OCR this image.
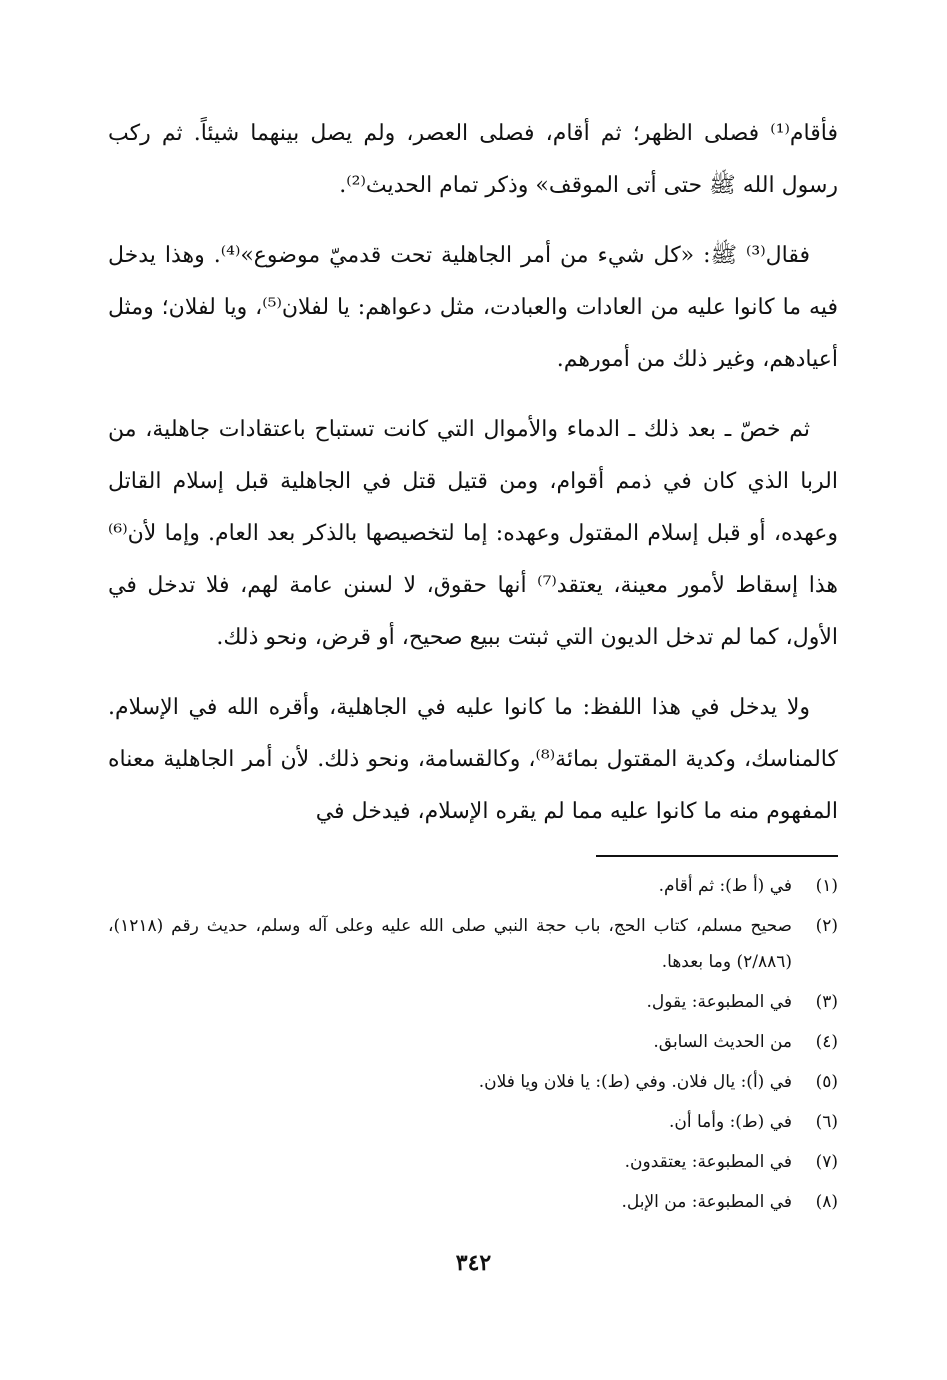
فأقام⁽¹⁾ فصلى الظهر؛ ثم أقام، فصلى العصر، ولم يصل بينهما شيئاً. ثم ركب رسول الله ﷺ حتى أتى الموقف» وذكر تمام الحديث⁽²⁾.

فقال⁽³⁾ ﷺ: «كل شيء من أمر الجاهلية تحت قدميّ موضوع»⁽⁴⁾. وهذا يدخل فيه ما كانوا عليه من العادات والعبادت، مثل دعواهم: يا لفلان⁽⁵⁾، ويا لفلان؛ ومثل أعيادهم، وغير ذلك من أمورهم.

ثم خصّ ـ بعد ذلك ـ الدماء والأموال التي كانت تستباح باعتقادات جاهلية، من الربا الذي كان في ذمم أقوام، ومن قتيل قتل في الجاهلية قبل إسلام القاتل وعهده، أو قبل إسلام المقتول وعهده: إما لتخصيصها بالذكر بعد العام. وإما لأن⁽⁶⁾ هذا إسقاط لأمور معينة، يعتقد⁽⁷⁾ أنها حقوق، لا لسنن عامة لهم، فلا تدخل في الأول، كما لم تدخل الديون التي ثبتت ببيع صحيح، أو قرض، ونحو ذلك.

ولا يدخل في هذا اللفظ: ما كانوا عليه في الجاهلية، وأقره الله في الإسلام. كالمناسك، وكدية المقتول بمائة⁽⁸⁾، وكالقسامة، ونحو ذلك. لأن أمر الجاهلية معناه المفهوم منه ما كانوا عليه مما لم يقره الإسلام، فيدخل في

(١)
في (أ ط): ثم أقام.
(٢)
صحيح مسلم، كتاب الحج، باب حجة النبي صلى الله عليه وعلى آله وسلم، حديث رقم (١٢١٨)، (٢/٨٨٦) وما بعدها.
(٣)
في المطبوعة: يقول.
(٤)
من الحديث السابق.
(٥)
في (أ): يال فلان. وفي (ط): يا فلان ويا فلان.
(٦)
في (ط): وأما أن.
(٧)
في المطبوعة: يعتقدون.
(٨)
في المطبوعة: من الإبل.
٣٤٢
